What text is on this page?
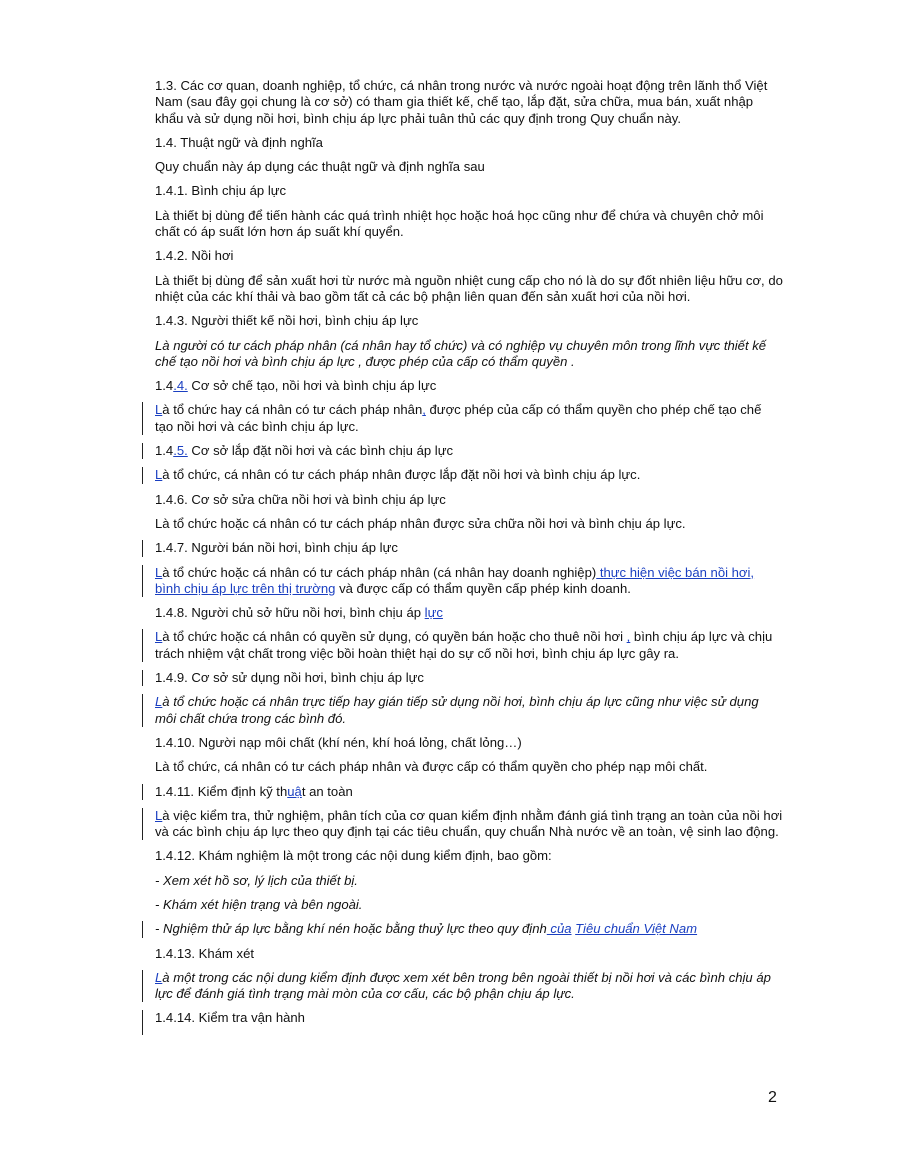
1.3. Các cơ quan, doanh nghiệp, tổ chức, cá nhân trong nước và nước ngoài hoạt động trên lãnh thổ Việt Nam (sau đây gọi chung là cơ sở) có tham gia thiết kế, chế tạo, lắp đặt, sửa chữa, mua bán, xuất nhập khẩu và sử dụng nồi hơi, bình chịu áp lực phải tuân thủ các quy định trong Quy chuẩn này.
1.4. Thuật ngữ và định nghĩa
Quy chuẩn này áp dụng các thuật ngữ và định nghĩa sau
1.4.1. Bình chịu áp lực
Là thiết bị dùng để tiến hành các quá trình nhiệt học hoặc hoá học cũng như để chứa và chuyên chở môi chất có áp suất lớn hơn áp suất khí quyển.
1.4.2. Nồi hơi
Là thiết bị dùng để sản xuất hơi từ nước mà nguồn nhiệt cung cấp cho nó là do sự đốt nhiên liệu hữu cơ, do nhiệt của các khí thải và bao gồm tất cả các bộ phận liên quan đến sản xuất hơi của nồi hơi.
1.4.3. Người thiết kế nồi hơi, bình chịu áp lực
Là người có tư cách pháp nhân (cá nhân hay tổ chức) và có nghiệp vụ chuyên môn trong lĩnh vực thiết kế chế tạo nồi hơi và bình chịu áp lực , được phép của cấp có thẩm quyền .
1.4.4. Cơ sở chế tạo, nồi hơi và bình chịu áp lực
Là tổ chức hay cá nhân có tư cách pháp nhân, được phép của cấp có thẩm quyền cho phép chế tạo chế tạo nồi hơi và các bình chịu áp lực.
1.4.5. Cơ sở lắp đặt nồi hơi và các bình chịu áp lực
Là tổ chức, cá nhân có tư cách pháp nhân được lắp đặt nồi hơi và bình chịu áp lực.
1.4.6. Cơ sở sửa chữa nồi hơi và bình chịu áp lực
Là tổ chức hoặc cá nhân có tư cách pháp nhân được sửa chữa nồi hơi và bình chịu áp lực.
1.4.7. Người bán nồi hơi, bình chịu áp lực
Là tổ chức hoặc cá nhân có tư cách pháp nhân (cá nhân hay doanh nghiệp) thực hiện việc bán nồi hơi, bình chịu áp lực trên thị trường và được cấp có thẩm quyền cấp phép kinh doanh.
1.4.8. Người chủ sở hữu nồi hơi, bình chịu áp lực
Là tổ chức hoặc cá nhân có quyền sử dụng, có quyền bán hoặc cho thuê nồi hơi , bình chịu áp lực và chịu trách nhiệm vật chất trong việc bồi hoàn thiệt hại do sự cố nồi hơi, bình chịu áp lực gây ra.
1.4.9. Cơ sở sử dụng nồi hơi, bình chịu áp lực
Là tổ chức hoặc cá nhân trực tiếp hay gián tiếp sử dụng nồi hơi, bình chịu áp lực cũng như việc sử dụng môi chất chứa trong các bình đó.
1.4.10. Người nạp môi chất (khí nén, khí hoá lỏng, chất lỏng…)
Là tổ chức, cá nhân có tư cách pháp nhân và được cấp có thẩm quyền cho phép nạp môi chất.
1.4.11. Kiểm định kỹ thuật an toàn
Là việc kiểm tra, thử nghiệm, phân tích của cơ quan kiểm định nhằm đánh giá tình trạng an toàn của nồi hơi và các bình chịu áp lực theo quy định tại các tiêu chuẩn, quy chuẩn Nhà nước về an toàn, vệ sinh lao động.
1.4.12. Khám nghiệm là một trong các nội dung kiểm định, bao gồm:
- Xem xét hồ sơ, lý lịch của thiết bị.
- Khám xét hiện trạng và bên ngoài.
- Nghiệm thử áp lực bằng khí nén hoặc bằng thuỷ lực theo quy định của Tiêu chuẩn Việt Nam
1.4.13. Khám xét
Là một trong các nội dung kiểm định được xem xét bên trong bên ngoài thiết bị nồi hơi và các bình chịu áp lực để đánh giá tình trạng mài mòn của cơ cấu, các bộ phận chịu áp lực.
1.4.14. Kiểm tra vận hành
2
